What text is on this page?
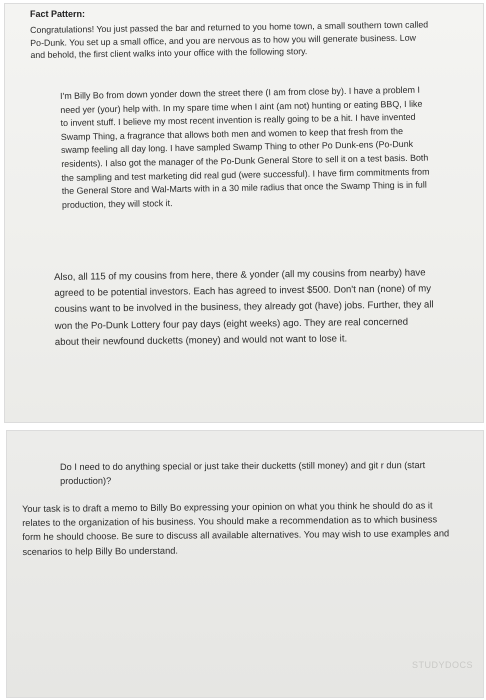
Fact Pattern:

Congratulations! You just passed the bar and returned to you home town, a small southern town called Po-Dunk. You set up a small office, and you are nervous as to how you will generate business. Low and behold, the first client walks into your office with the following story.

I'm Billy Bo from down yonder down the street there (I am from close by). I have a problem I need yer (your) help with. In my spare time when I aint (am not) hunting or eating BBQ, I like to invent stuff. I believe my most recent invention is really going to be a hit. I have invented Swamp Thing, a fragrance that allows both men and women to keep that fresh from the swamp feeling all day long. I have sampled Swamp Thing to other Po Dunk-ens (Po-Dunk residents). I also got the manager of the Po-Dunk General Store to sell it on a test basis. Both the sampling and test marketing did real gud (were successful). I have firm commitments from the General Store and Wal-Marts with in a 30 mile radius that once the Swamp Thing is in full production, they will stock it.

Also, all 115 of my cousins from here, there & yonder (all my cousins from nearby) have agreed to be potential investors. Each has agreed to invest $500. Don't nan (none) of my cousins want to be involved in the business, they already got (have) jobs. Further, they all won the Po-Dunk Lottery four pay days (eight weeks) ago. They are real concerned about their newfound ducketts (money) and would not want to lose it.

Do I need to do anything special or just take their ducketts (still money) and git r dun (start production)?

Your task is to draft a memo to Billy Bo expressing your opinion on what you think he should do as it relates to the organization of his business. You should make a recommendation as to which business form he should choose. Be sure to discuss all available alternatives. You may wish to use examples and scenarios to help Billy Bo understand.

STUDYDOCS
